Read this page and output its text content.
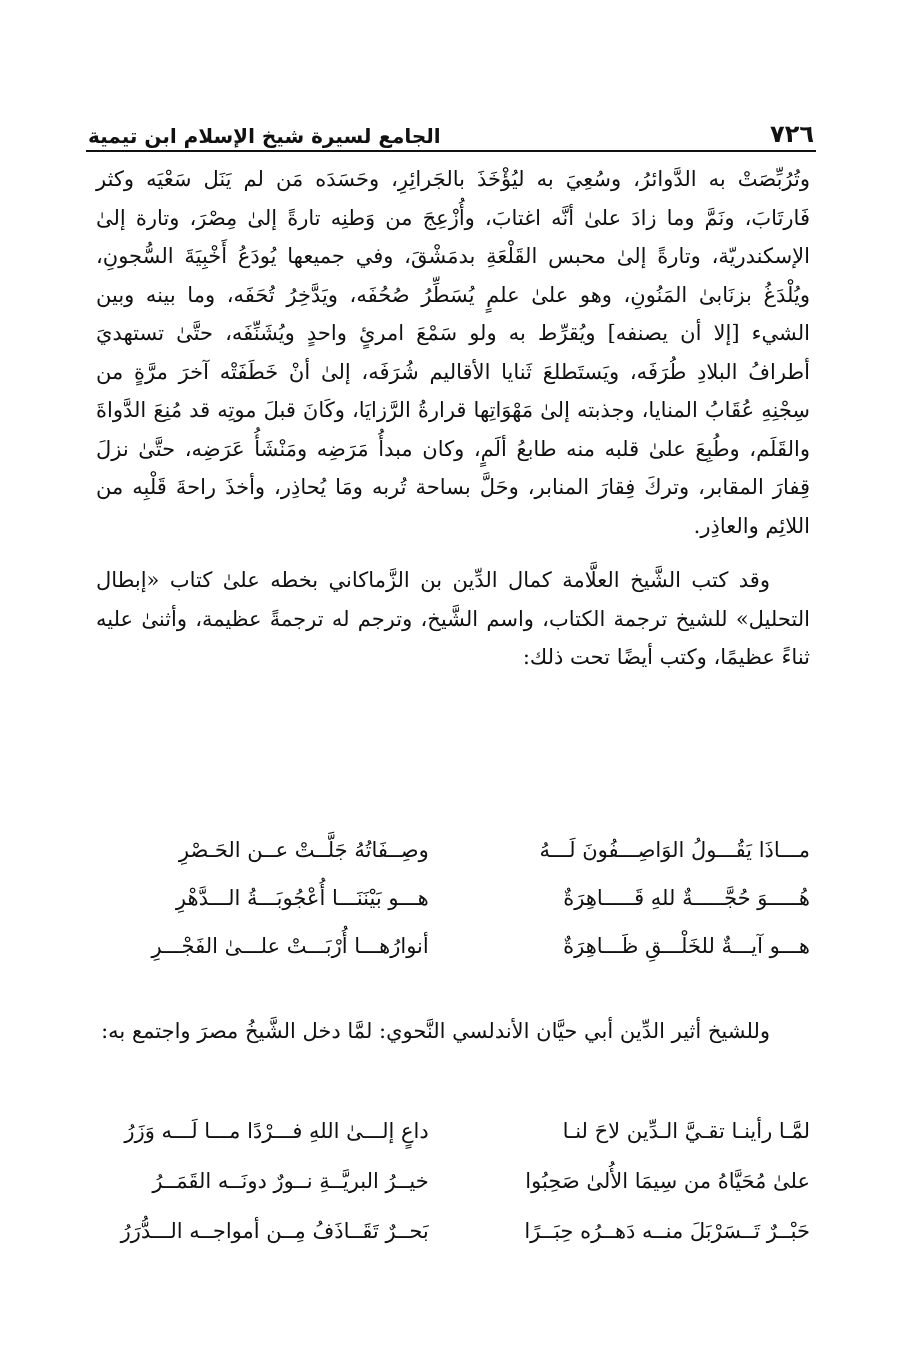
٧٢٦
الجامع لسيرة شيخ الإسلام ابن تيمية

وتُرُبِّصَتْ به الدَّوائرُ، وسُعِيَ به ليُؤْخَذَ بالجَرائِرِ، وحَسَدَه مَن لم يَنَل سَعْيَه وكثر فَارتَابَ، ونَمَّ وما زادَ علىٰ أنَّه اغتابَ، وأُزْعِجَ من وَطنِه تارةً إلىٰ مِصْرَ، وتارة إلىٰ الإسكندريّة، وتارةً إلىٰ محبس القَلْعَةِ بدمَشْقَ، وفي جميعها يُودَعُ أَخْبِيَةَ السُّجونِ، ويُلْدَغُ بزنَابىٰ المَنُونِ، وهو علىٰ علمٍ يُسَطِّرُ صُحُفَه، ويَدَّخِرُ تُحَفَه، وما بينه وبين الشيء [إلا أن يصنفه] ويُقرِّط به ولو سَمْعَ امرئٍ واحدٍ ويُشَنِّفَه، حتَّىٰ تستهديَ أطرافُ البلادِ طُرَفَه، ويَستَطلعَ ثَنايا الأقاليم شُرَفَه، إلىٰ أنْ خَطَفَتْه آخرَ مرَّةٍ من سِجْنِهِ عُقَابُ المنايا، وجذبته إلىٰ مَهْوَاتِها قرارةُ الرَّزايَا، وكَانَ قبلَ موتِه قد مُنِعَ الدَّواةَ والقَلَم، وطُبِعَ علىٰ قلبه منه طابعُ ألَمٍ، وكان مبدأُ مَرَضِه ومَنْشَأُ عَرَضِه، حتَّىٰ نزلَ قِفارَ المقابر، وتركَ فِقارَ المنابر، وحَلَّ بساحة تُربه ومَا يُحاذِر، وأخذَ راحةَ قَلْبِه من اللائِم والعاذِر.

وقد كتب الشَّيخ العلَّامة كمال الدِّين بن الزَّماكاني بخطه علىٰ كتاب «إبطال التحليل» للشيخ ترجمة الكتاب، واسم الشَّيخ، وترجم له ترجمةً عظيمة، وأثنىٰ عليه ثناءً عظيمًا، وكتب أيضًا تحت ذلك:

مـــاذَا يَقُـــولُ الوَاصِـــفُونَ لَـــهُ
وصِــفَاتُهُ جَلَّــتْ عــن الحَـصْرِ
هُـــــوَ حُجَّـــــةٌ للهِ قَـــــاهِرَةٌ
هـــو بَيْنَنَـــا أُعْجُوبَـــةُ الـــدَّهْرِ
هـــو آيـــةٌ للخَلْـــقِ ظَـــاهِرَةٌ
أنوارُهـــا أُرْبَـــتْ علـــىٰ الفَجْـــرِ

وللشيخ أثير الدِّين أبي حيَّان الأندلسي النَّحوي: لمَّا دخل الشَّيخُ مصرَ واجتمع به:

لمَّـا رأينـا تقـيَّ الـدِّين لاحَ لنـا
داعٍ إلـــىٰ اللهِ فـــرْدًا مـــا لَـــه وَزَرُ
علىٰ مُحَيَّاهُ من سِيمَا الأُلىٰ صَحِبُوا
خيــرُ البريَّــةِ نــورٌ دونَــه القَمَــرُ
حَبْــرٌ تَــسَرْبَلَ منــه دَهــرُه حِبَــرًا
بَحــرٌ تَقَــاذَفُ مِــن أمواجــه الـــدُّرَرُ
